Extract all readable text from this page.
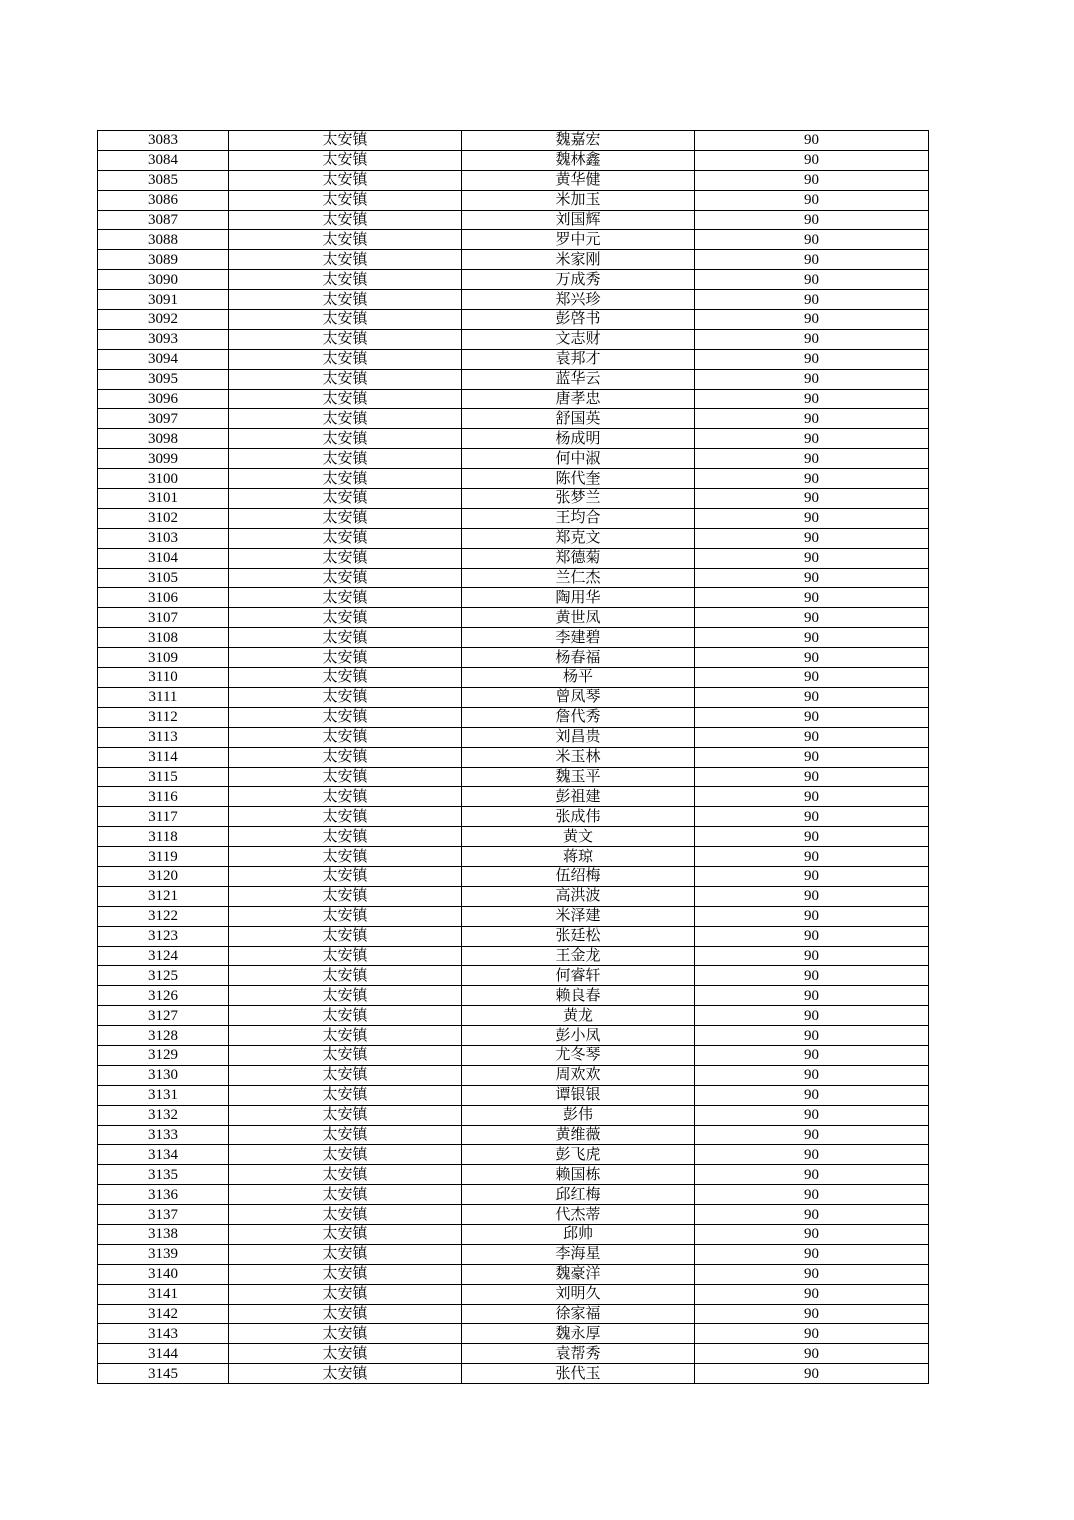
3083	太安镇	魏嘉宏	90
3084	太安镇	魏林鑫	90
3085	太安镇	黄华健	90
3086	太安镇	米加玉	90
3087	太安镇	刘国辉	90
3088	太安镇	罗中元	90
3089	太安镇	米家刚	90
3090	太安镇	万成秀	90
3091	太安镇	郑兴珍	90
3092	太安镇	彭啓书	90
3093	太安镇	文志财	90
3094	太安镇	袁邦才	90
3095	太安镇	蓝华云	90
3096	太安镇	唐孝忠	90
3097	太安镇	舒国英	90
3098	太安镇	杨成明	90
3099	太安镇	何中淑	90
3100	太安镇	陈代奎	90
3101	太安镇	张梦兰	90
3102	太安镇	王均合	90
3103	太安镇	郑克文	90
3104	太安镇	郑德菊	90
3105	太安镇	兰仁杰	90
3106	太安镇	陶用华	90
3107	太安镇	黄世凤	90
3108	太安镇	李建碧	90
3109	太安镇	杨春福	90
3110	太安镇	杨平	90
3111	太安镇	曾凤琴	90
3112	太安镇	詹代秀	90
3113	太安镇	刘昌贵	90
3114	太安镇	米玉林	90
3115	太安镇	魏玉平	90
3116	太安镇	彭祖建	90
3117	太安镇	张成伟	90
3118	太安镇	黄文	90
3119	太安镇	蒋琼	90
3120	太安镇	伍绍梅	90
3121	太安镇	高洪波	90
3122	太安镇	米泽建	90
3123	太安镇	张廷松	90
3124	太安镇	王金龙	90
3125	太安镇	何睿轩	90
3126	太安镇	赖良春	90
3127	太安镇	黄龙	90
3128	太安镇	彭小凤	90
3129	太安镇	尤冬琴	90
3130	太安镇	周欢欢	90
3131	太安镇	谭银银	90
3132	太安镇	彭伟	90
3133	太安镇	黄维薇	90
3134	太安镇	彭飞虎	90
3135	太安镇	赖国栋	90
3136	太安镇	邱红梅	90
3137	太安镇	代杰蒂	90
3138	太安镇	邱帅	90
3139	太安镇	李海星	90
3140	太安镇	魏豪洋	90
3141	太安镇	刘明久	90
3142	太安镇	徐家福	90
3143	太安镇	魏永厚	90
3144	太安镇	袁帮秀	90
3145	太安镇	张代玉	90
